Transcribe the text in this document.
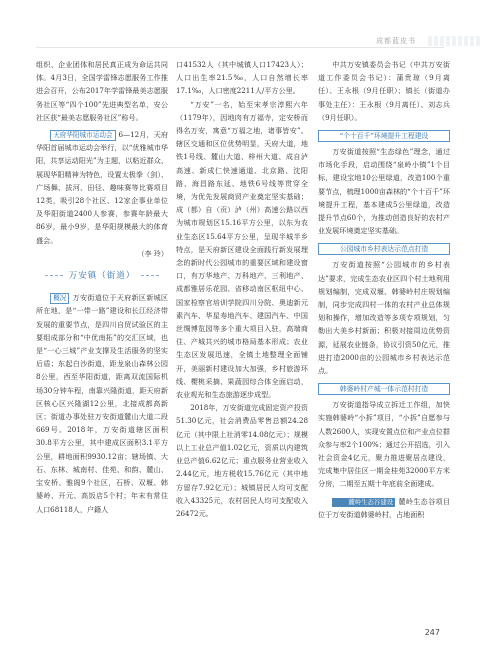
成都蓝皮书

组织、企业团体和居民真正成为命运共同体。4月3日，全国学雷锋志愿服务工作推进会召开，公布2017年学雷锋最美志愿服务社区等“四个100”先进典型名单，安公社区获“最美志愿服务社区”称号。

天府华阳城市运动会 6—12月，天府华阳首届城市运动会举行，以“优雅城市华阳，共享运动阳光”为主题，以粘近群众、展现华阳精神为特色，设置太极拳（剑）、广场舞、拔河、田径、趣味赛等比赛项目12类，吸引28个社区、12家企事业单位及华阳街道2400人参赛，参赛年龄最大86岁，最小9岁，是华阳规模最大的体育盛会。

（李 玲）

万安镇（街道）

概况 万安街道位于天府新区新城区所在地，是“一带一路”建设和长江经济带发展的重要节点，是四川自贸试验区的主要组成部分和“中优南拓”的交汇区域，也是“一心三城”产业支撑及生活服务的坚实后盾；东起白沙街道，距龙泉山森林公园8公里，西至华阳街道，距离双流国际机场30分钟车程，南靠兴隆街道，距天府新区核心区兴隆湖12公里，北接成都高新区；街道办事处驻万安街道麓山大道二段669号。2018年，万安街道辖区面积30.8平方公里，其中建成区面积3.1平方公里，耕地面积9930.12亩；辖场镇、大石、东林、城南村、佳苑、和韵、麓山、宝安桥、雅阁9个社区，石桥、双堰、韩婆岭、开元、高饭店5个村；年末有常住人口68118人，户籍人

口41532人（其中城镇人口17423人）；人口出生率21.5‰，人口自然增长率17.1‰，人口密度2211人/平方公里。

“万安”一名，始至宋孝宗淳熙六年（1179年），因地肉有万福寺，定安桥而得名万安，寓意“万福之地，诸事皆安”。辖区交通和区位优势明显，天府大道，地铁1号线、麓山大道、梓州大道、成自泸高速、新成仁快速通道、北京路、沈阳路、海昌路东延、地铁6号线等贯穿全境，为优先发展商贸产业奠定坚实基础；成（都）自（贡）泸（州）高速公路以西为城市规划区15.16平方公里，以东为农业生态区15.64平方公里，呈现半城半乡特点，是天府新区建设全面践行新发展理念的新时代公园城市的重要区域和建设窗口，有万华地产、万科地产、三利地产、成都雅居乐花园、省移动南区枢纽中心、国家检察官培训学院四川分院、奥迪新元素汽车、华星寿地汽车、建国汽车、中国丝绸博览园等多个重大项目入驻，高端商住、产城共兴的城市格局基本形成；农业生态区发展迅速，全镇土地整理全面铺开，美丽新村建设加大加强，乡村旅游环线、樱桃采摘、果蔬园综合体全面启动，农业观光和生态旅游逐步成型。

2018年，万安街道完成固定资产投资51.30亿元，社会消费品零售总额24.28亿元（其中限上社消零14.08亿元）；规模以上工业总产值1.02亿元，资质以内建筑业总产值6.62亿元；重点服务业营业收入2.44亿元，地方税收15.76亿元（其中地方留存7.92亿元）；城镇居民人均可支配收入43325元，农村居民人均可支配收入26472元。

中共万安镇委员会书记（中共万安街道工作委员会书记）：蒲贵琼（9月离任）、王永根（9月任职）；镇长（街道办事处主任）：王永根（9月离任）、刘志兵（9月任职）。

“个十百千”环境提升工程建设

万安街道按照“生态绿色”理念，通过市场化手段，启动围绕“泉岭小镇”1个目标，建设宝地10公里绿道，改造100个重要节点，梳理1000亩森林的“个十百千”环境提升工程，基本建成5公里绿道，改造提升节点60个，为推动创造良好的农村产业发展环境奠定坚实基础。

公园城市乡村表达示范点打造

万安街道按照“公园城市的乡村表达”要求，完成生态农业区四个村土地利用规划编制，完成双堰、韩婆岭村庄规划编制，同步完成四村一体的农村产业总体规划和操作，增加改造等多项专项规划，匀勒出大美乡村新面；积极对接周边优势资源，延展农业链条，协议引资50亿元，推进打造2000亩的公园城市乡村表达示范点。

韩婆岭村产城一体示范村打造

万安街道指导成立拆迁工作组，加快实施韩婆岭“小拆”项目，“小拆”自愿参与人数2600人，实现安置点位和产业点位群众参与率2个100%；通过公开招选，引入社会资金4亿元，聚力推进聚居点建设，完成集中居住区一期金桂苑32000平方米分房，二期至五期十年底前全面建成。

麓岭生态谷建设 麓岭生态谷项目位于万安街道韩婆岭村，占地面积

247
